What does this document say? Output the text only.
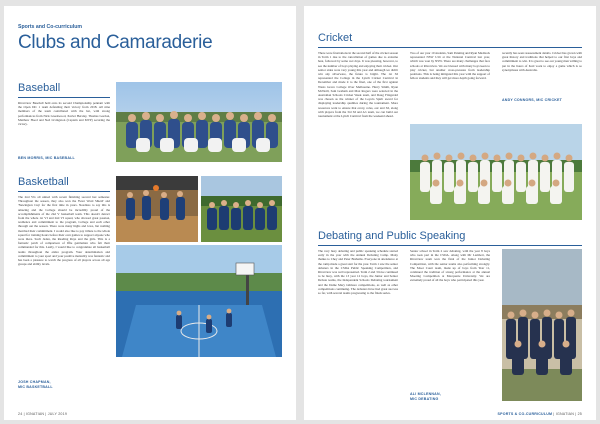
Sports and Co-curriculum
Clubs and Camaraderie
Baseball
Riverview Baseball held onto its second Championship pennant with the Open Div 1 team defending their victory from 2018. All nine members of the team contributed with the bat, with strong performances from Nick Greenwood, Xavier Hersley, Thomas Gordon, Matthew Hood and Ned Livingston (Captain and MVP) securing the victory.
BEN MORRIS, MIC BASEBALL
Basketball
The 2nd VIs all united with recent finishing second last semester. Throughout the season, they also won the 'Peter Ward Shield' and 'Newington Cup' for the first time in years. Needless to say this is amazing and the College should be incredibly proud of the accomplishments of the 2nd V basketball team. This doesn't detract from the whole 1st VI and 2nd VI squad, who showed great passion, resilience and commitment to the program, College and each other through out the season. There were many highs and lows, but nothing matched their commitment. I would also like to pay tribute to the whole squad for training hours before their own games to support anyone who were there. Such Jaden, the Reading Rays and the girls. This is a fantastic patch of comparison of Iffie gentleman who felt their commanded for this. Lastly, I would like to congratulate all basketball teams throughout the entire program. Your determination and commitment to your sport and your positive mentality was fantastic and has been a pleasure to watch the progress of all players across all age groups and ability levels.
JOSH CHAPMAN,
MIC BASKETBALL
24 | IGNATIAN | JULY 2019
Cricket
There were frustrations in the second half of the cricket season in Term 1 due to the cancellation of games due to extreme heat, followed by some wet days. It was pleasing, however, to see the number of boys playing and enjoying their cricket. Our senior sides were very young this year and although we didn't win any silverware, the future is bright. The 1st XI represented the College in the Lynch Cricket Carnival in December and made it to the final, one of the first against Wests Grave College Over Melbourne. Harry Smith, Ryan McNeill, Sam Graham and Max Rogers were selected in the Australian Schools Cricket Week team, and Doug Fitzgerald was chosen as the winner of the Loyola Spirit award for displaying leadership qualities during the tournament. More resources went to ensure that every, roles, our and XI, along with players from the 3rd XI and A's team, we can build our tournament at the Lynch Carnival from the weekend ahead.
Two of our year 10 students, Sam Penning and Ryan Maddock represented NSW U16 at the National Carnival last year, which was won by NSW. There are many challenges that face schools at Riverview. We are blessed with many boys keen to play cricket, but another cross-pressure from leadership positions. This is being mitigated this year with the support of fellow students and they will get more depth going forward.
recently has seen reassessment details. Cricket has grown with great history and traditions that helped to our first boys and commitment to win. It is great to see our young men willing to put in the hours of hard work to enjoy a game which is so synonymous with Australia.
ANDY CONNORS, MIC CRICKET
Debating and Public Speaking
The very busy debating and public speaking schedule started early in the year with the Annual Debating Camp. Many thanks to Chey and Peter Brahams. Everyone in attendance at the camp made a great start for the year. Term 1 saw the senior debaters in the CSDA Public Speaking Competition, and Riverview was well represented. Term 2 and 3 have continued to be busy, with the 13 year 12 boys, the Junior and Senior Debate teams, the Independent Schools Debating tournament and the Dame Mary Gilmore competitions, as well as other competitions continuing. The debaters have had great success so far, with several teams progressing to the finals series.
Senior school in Term 2 saw debating, with the year 8 boys who took part in the CSDA. Along with Mr Lambert, the Riverview team won the final of the Junior Debating Competition, with the senior teams also performing strongly. The Moot Court team, made up of boys from Year 11, continued the tradition of strong performance at the annual Mooting Competition at Macquarie University. We are extremely proud of all the boys who participated this year.
ALI MCLENNAN,
MIC DEBATING
SPORTS & CO-CURRICULUM | IGNATIAN | 25
